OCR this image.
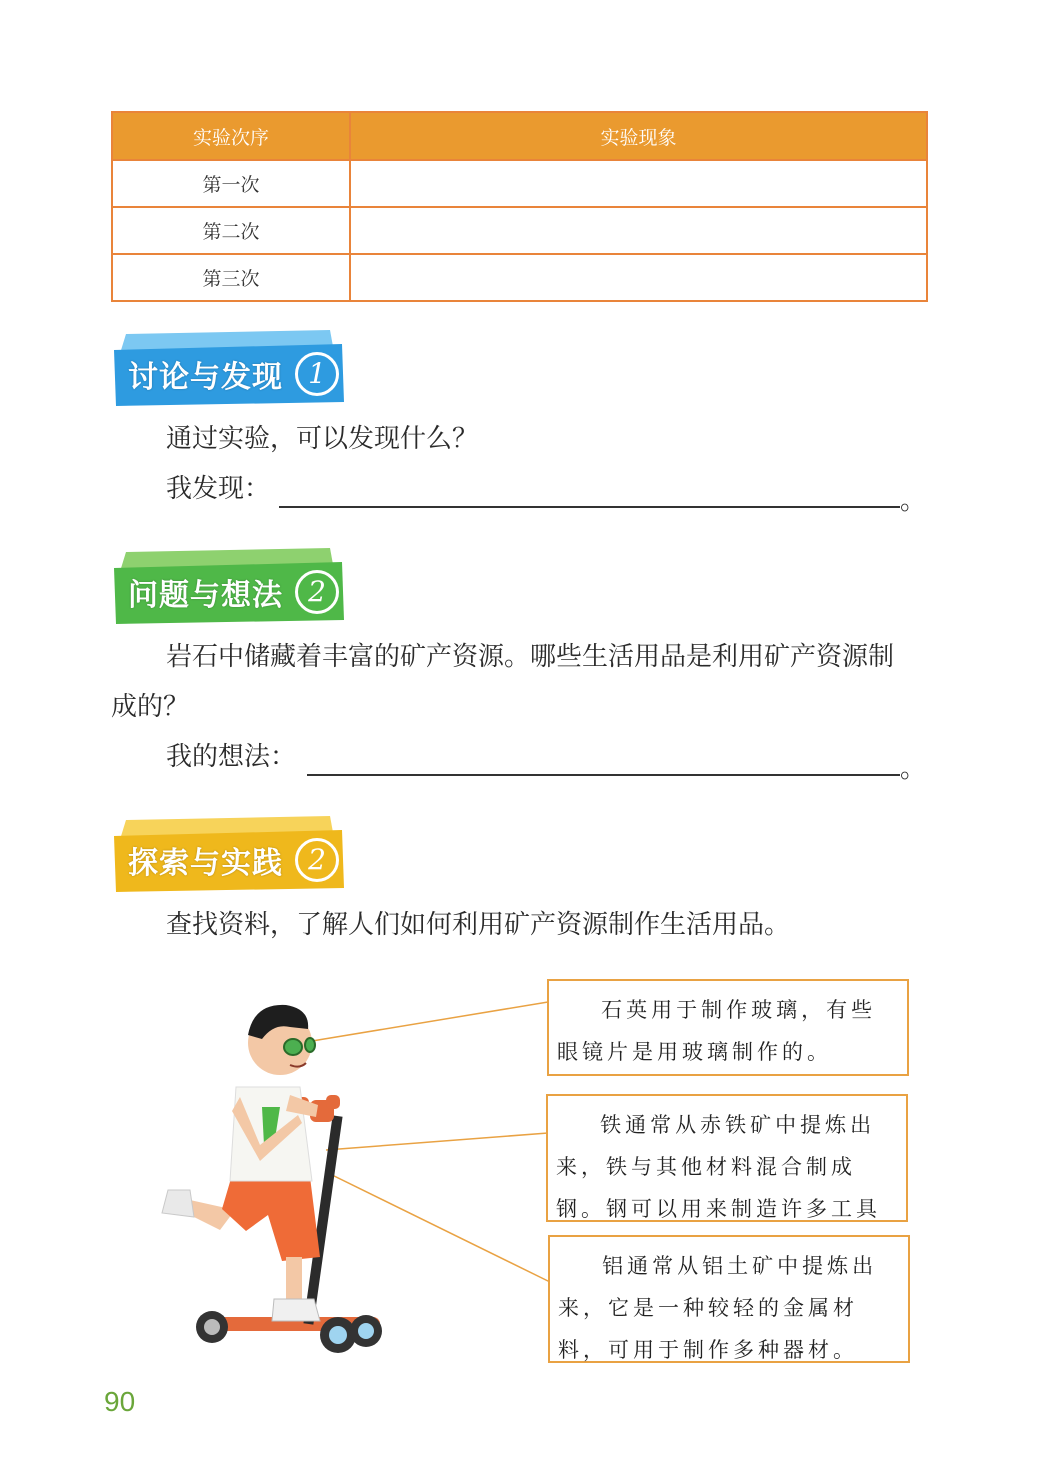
实验次序	实验现象
第一次	
第二次	
第三次	
讨论与发现 1
通过实验，可以发现什么？
我发现：	。
问题与想法 2
岩石中储藏着丰富的矿产资源。哪些生活用品是利用矿产资源制
成的？
我的想法：	。
探索与实践 2
查找资料，了解人们如何利用矿产资源制作生活用品。

石英用于制作玻璃，有些眼镜片是用玻璃制作的。

铁通常从赤铁矿中提炼出来，铁与其他材料混合制成钢。钢可以用来制造许多工具

铝通常从铝土矿中提炼出来，它是一种较轻的金属材料，可用于制作多种器材。

90
